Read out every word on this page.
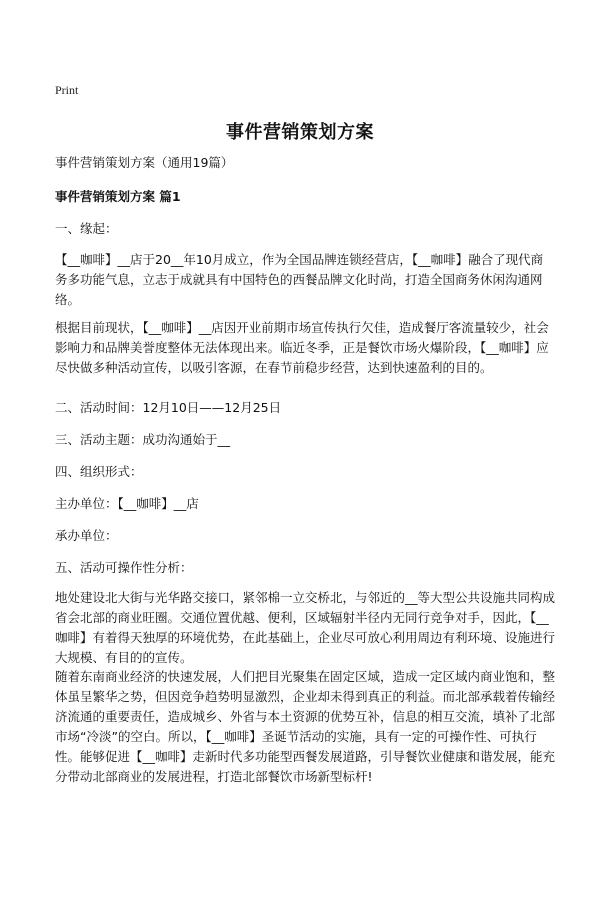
Print
事件营销策划方案

事件营销策划方案（通用19篇）

事件营销策划方案 篇1

一、缘起：

【__咖啡】__店于20__年10月成立，作为全国品牌连锁经营店，【__咖啡】融合了现代商务多功能气息，立志于成就具有中国特色的西餐品牌文化时尚，打造全国商务休闲沟通网络。

根据目前现状，【__咖啡】__店因开业前期市场宣传执行欠佳，造成餐厅客流量较少，社会影响力和品牌美誉度整体无法体现出来。临近冬季，正是餐饮市场火爆阶段，【__咖啡】应尽快做多种活动宣传，以吸引客源，在春节前稳步经营，达到快速盈利的目的。

二、活动时间：12月10日——12月25日

三、活动主题：成功沟通始于__

四、组织形式：

主办单位：【__咖啡】__店

承办单位：

五、活动可操作性分析：

地处建设北大街与光华路交接口，紧邻棉一立交桥北，与邻近的__等大型公共设施共同构成省会北部的商业旺圈。交通位置优越、便利，区域辐射半径内无同行竞争对手，因此，【__咖啡】有着得天独厚的环境优势，在此基础上，企业尽可放心利用周边有利环境、设施进行大规模、有目的的宣传。

随着东南商业经济的快速发展，人们把目光聚集在固定区域，造成一定区域内商业饱和，整体虽呈繁华之势，但因竞争趋势明显激烈，企业却未得到真正的利益。而北部承载着传输经济流通的重要责任，造成城乡、外省与本土资源的优势互补，信息的相互交流，填补了北部市场“冷淡”的空白。所以，【__咖啡】圣诞节活动的实施，具有一定的可操作性、可执行性。能够促进【__咖啡】走新时代多功能型西餐发展道路，引导餐饮业健康和谐发展，能充分带动北部商业的发展进程，打造北部餐饮市场新型标杆!
